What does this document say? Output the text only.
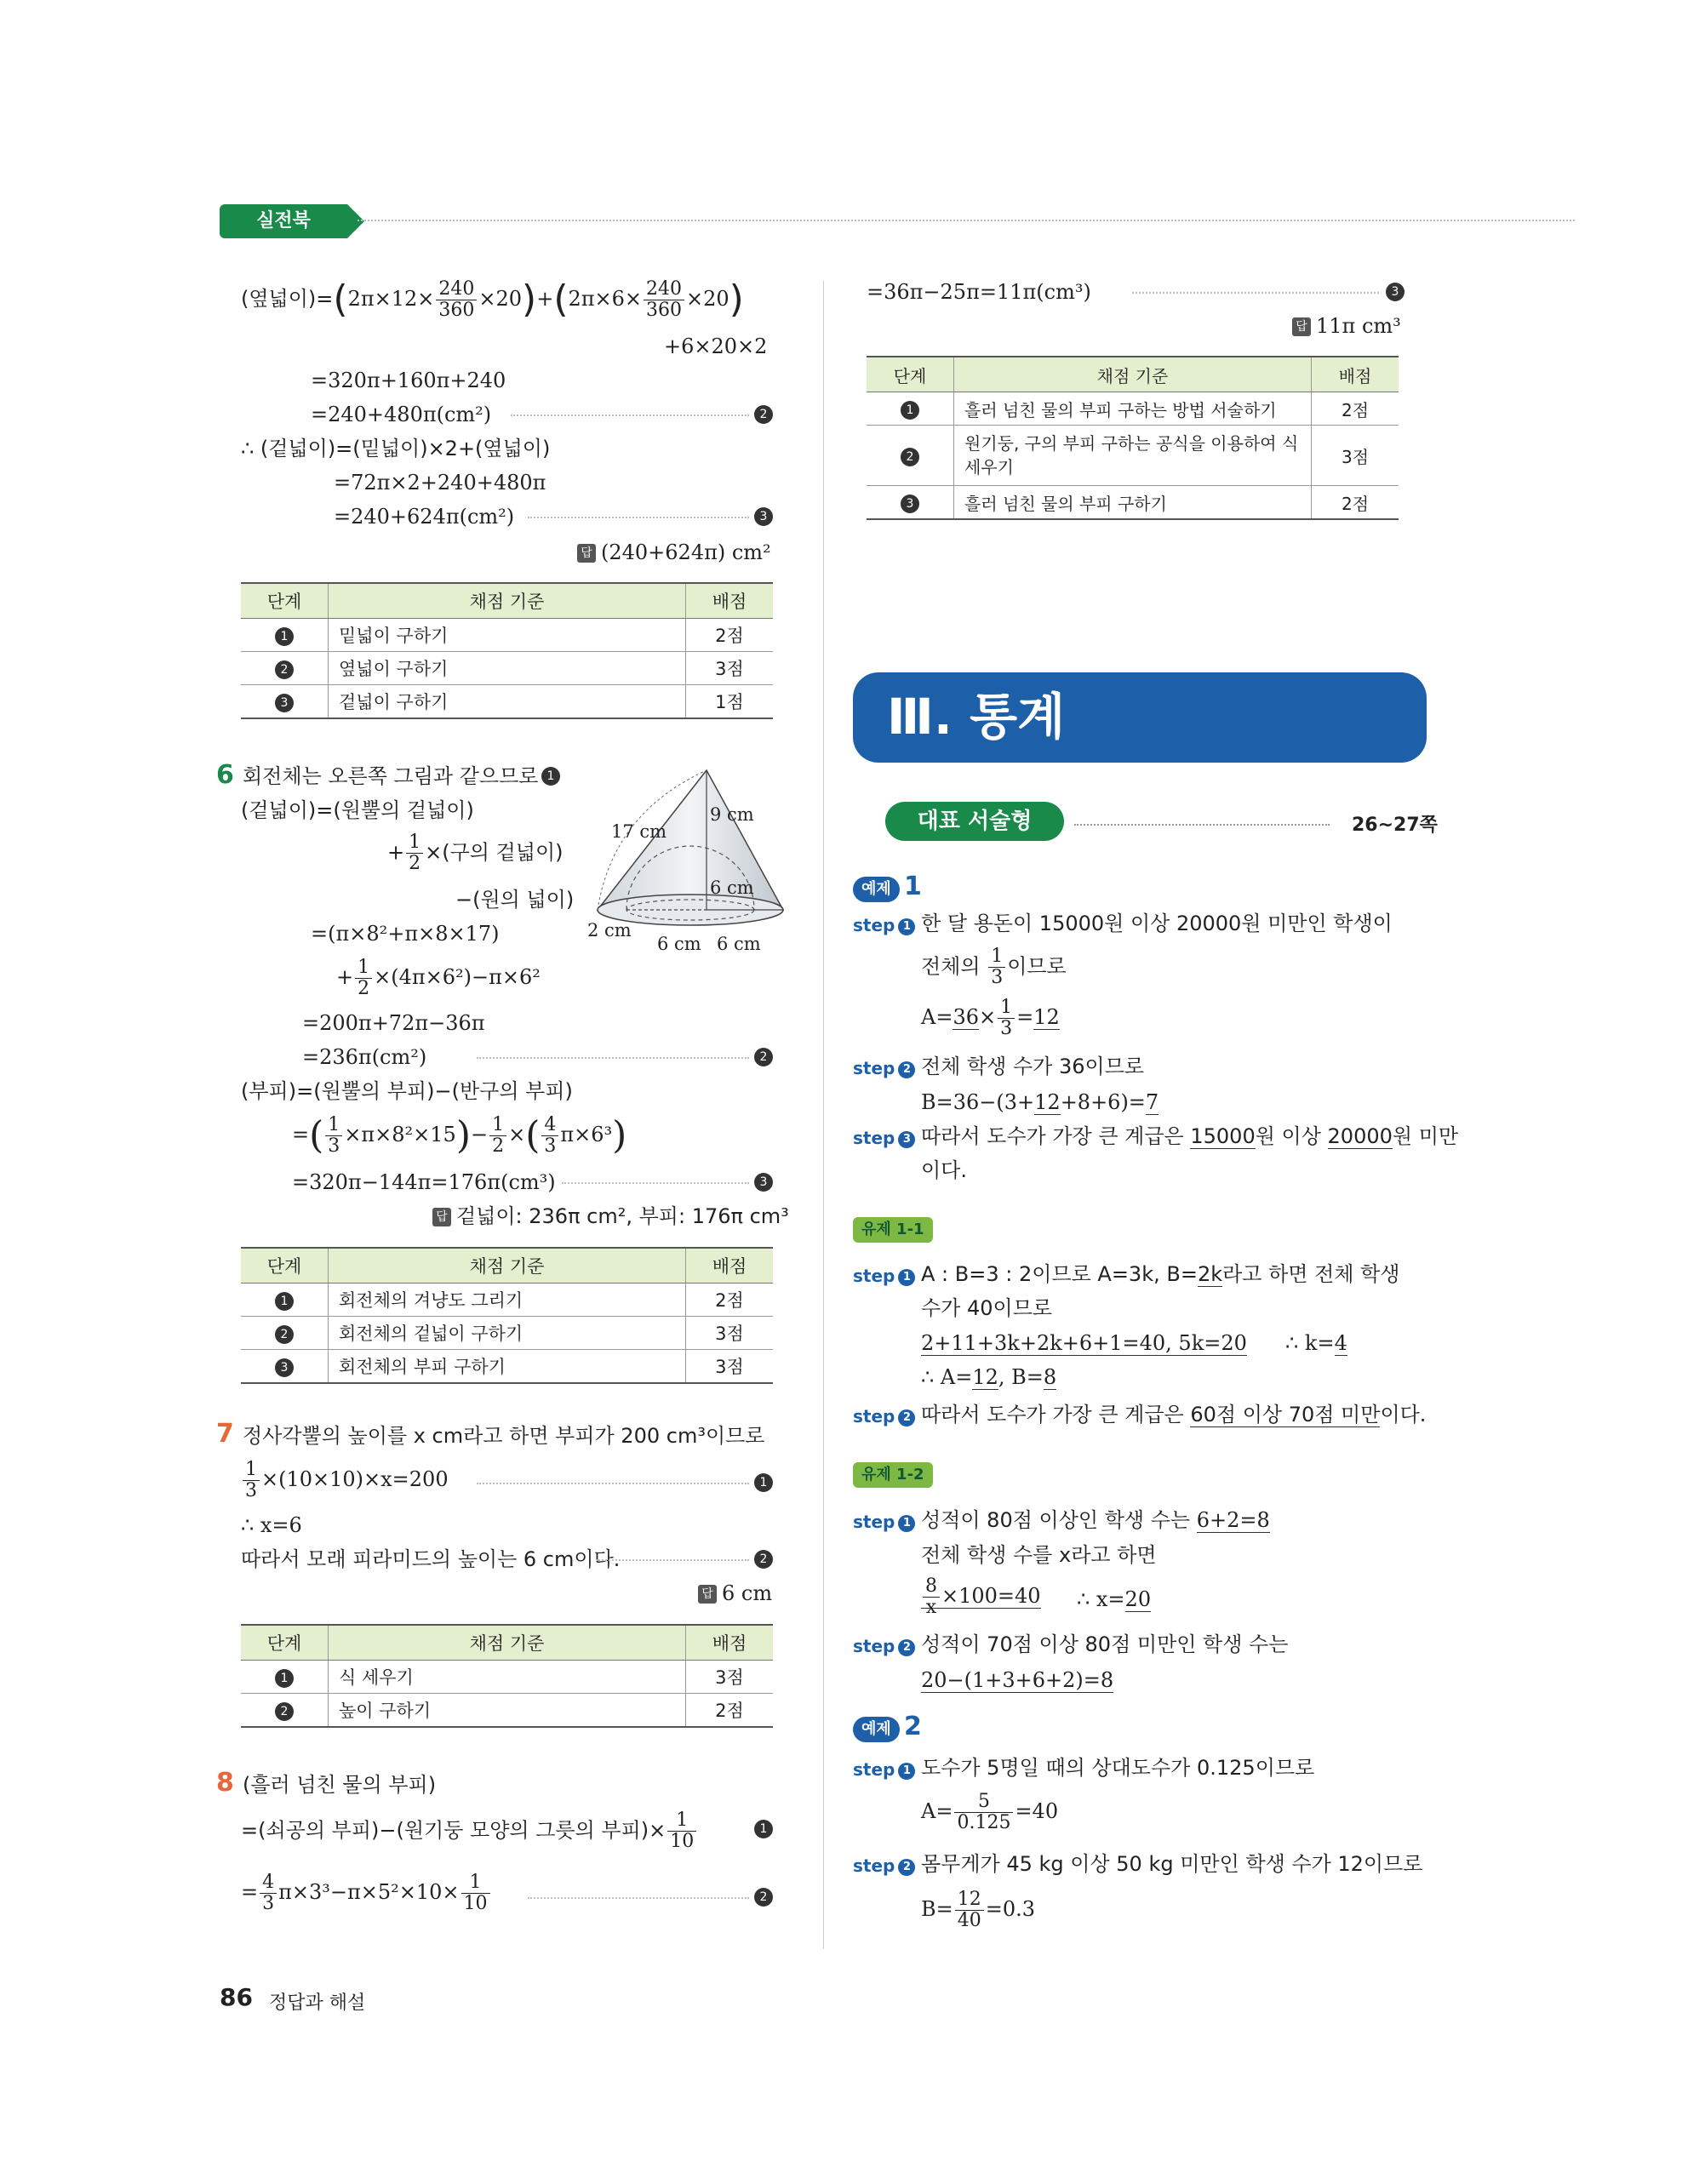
실전북
(옆넓이)$=(2\pi\times 12\times \frac{240}{360} \times 20)+(2\pi\times 6\times \frac{240}{360} \times 20)$
+6×20×2
=320π+160π+240
=240+480π(cm²)	2
∴ (겉넓이)=(밑넓이)×2+(옆넓이)
=72π×2+240+480π
=240+624π(cm²)	3
답 (240+624π) cm²
단계	채점 기준	배점
1	밑넓이 구하기	2점
2	옆넓이 구하기	3점
3	겉넓이 구하기	1점
6 회전체는 오른쪽 그림과 같으므로 1
(겉넓이)=(원뿔의 겉넓이)
+ $\frac{1}{2}$ ×(구의 겉넓이)
−(원의 넓이)
=(π×8²+π×8×17)
+ $\frac{1}{2} \times(4\pi\times 6^2)-\pi\times 6^2$
=200π+72π−36π
=236π(cm²)	2
(부피)=(원뿔의 부피)−(반구의 부피)
=( $\frac{1}{3} \times\pi\times 8^2\times 15)- \frac{1}{2}$ ×( $\frac{4}{3} \pi\times 6^3$)
=320π−144π=176π(cm³)	3
답 겉넓이: 236π cm², 부피: 176π cm³
17 cm
9 cm
6 cm
2 cm
6 cm 6 cm
단계	채점 기준	배점
1	회전체의 겨냥도 그리기	2점
2	회전체의 겉넓이 구하기	3점
3	회전체의 부피 구하기	3점
7 정사각뿔의 높이를 x cm라고 하면 부피가 200 cm³이므로
$\frac{1}{3} \times(10\times 10)\times x=200$	1
∴ x=6
따라서 모래 피라미드의 높이는 6 cm이다.	2
답 6 cm
단계	채점 기준	배점
1	식 세우기	3점
2	높이 구하기	2점
8 (흘러 넘친 물의 부피)
=(쇠공의 부피)−(원기둥 모양의 그릇의 부피)× $\frac{1}{10}$	1
= $\frac{4}{3} \pi\times 3^3-\pi\times 5^2\times 10\times \frac{1}{10}$	2
86 정답과 해설
=36π−25π=11π(cm³)	3
답 11π cm³
단계	채점 기준	배점
1	흘러 넘친 물의 부피 구하는 방법 서술하기	2점
2	원기둥, 구의 부피 구하는 공식을 이용하여 식 세우기	3점
3	흘러 넘친 물의 부피 구하기	2점
Ⅲ. 통계
대표 서술형	26~27쪽
예제 1
step 1 한 달 용돈이 15000원 이상 20000원 미만인 학생이
전체의 $\frac{1}{3}$ 이므로
$A=36\times \frac{1}{3} =12$
step 2 전체 학생 수가 36이므로
B=36−(3+12+8+6)=7
step 3 따라서 도수가 가장 큰 계급은 15000원 이상 20000원 미만
이다.
유제 1-1
step 1 A : B=3 : 2이므로 A=3k, B=2k라고 하면 전체 학생
수가 40이므로
2+11+3k+2k+6+1=40, 5k=20 ∴ k=4
∴ A=12, B=8
step 2 따라서 도수가 가장 큰 계급은 60점 이상 70점 미만이다.
유제 1-2
step 1 성적이 80점 이상인 학생 수는 6+2=8
전체 학생 수를 x라고 하면
$\frac{8}{x} \times 100=40$ ∴ x=20
step 2 성적이 70점 이상 80점 미만인 학생 수는
20−(1+3+6+2)=8
예제 2
step 1 도수가 5명일 때의 상대도수가 0.125이므로
$A= \frac{5}{0.125} =40$
step 2 몸무게가 45 kg 이상 50 kg 미만인 학생 수가 12이므로
$B= \frac{12}{40} =0.3$
